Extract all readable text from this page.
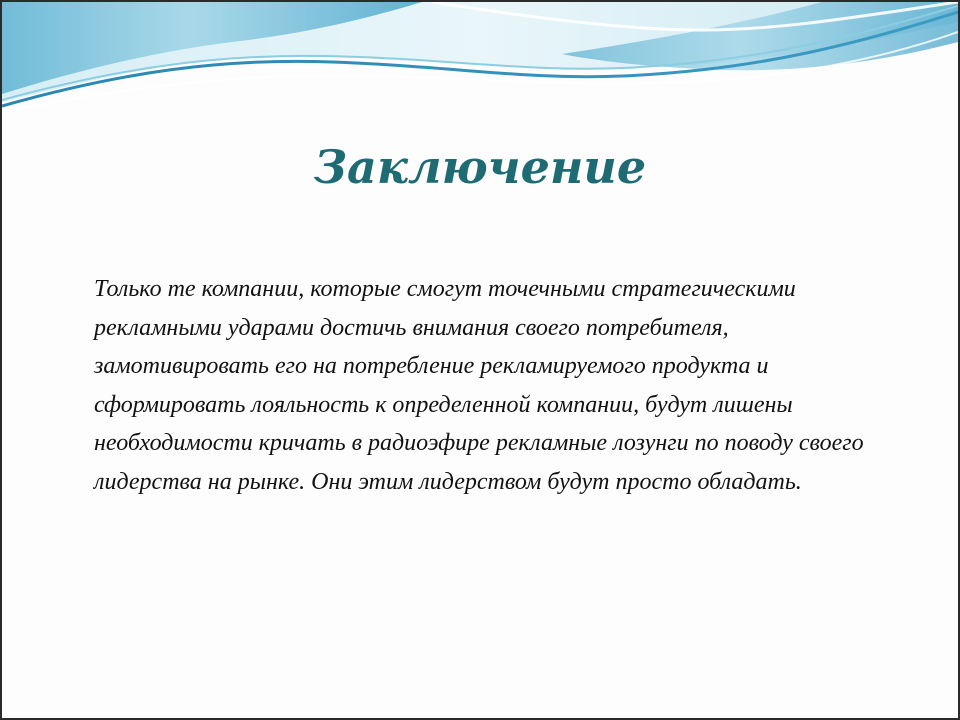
Заключение

Только те компании, которые смогут точечными стратегическими рекламными ударами достичь внимания своего потребителя, замотивировать его на потребление рекламируемого продукта и сформировать лояльность к определенной компании, будут лишены необходимости кричать в радиоэфире рекламные лозунги по поводу своего лидерства на рынке. Они этим лидерством будут просто обладать.
